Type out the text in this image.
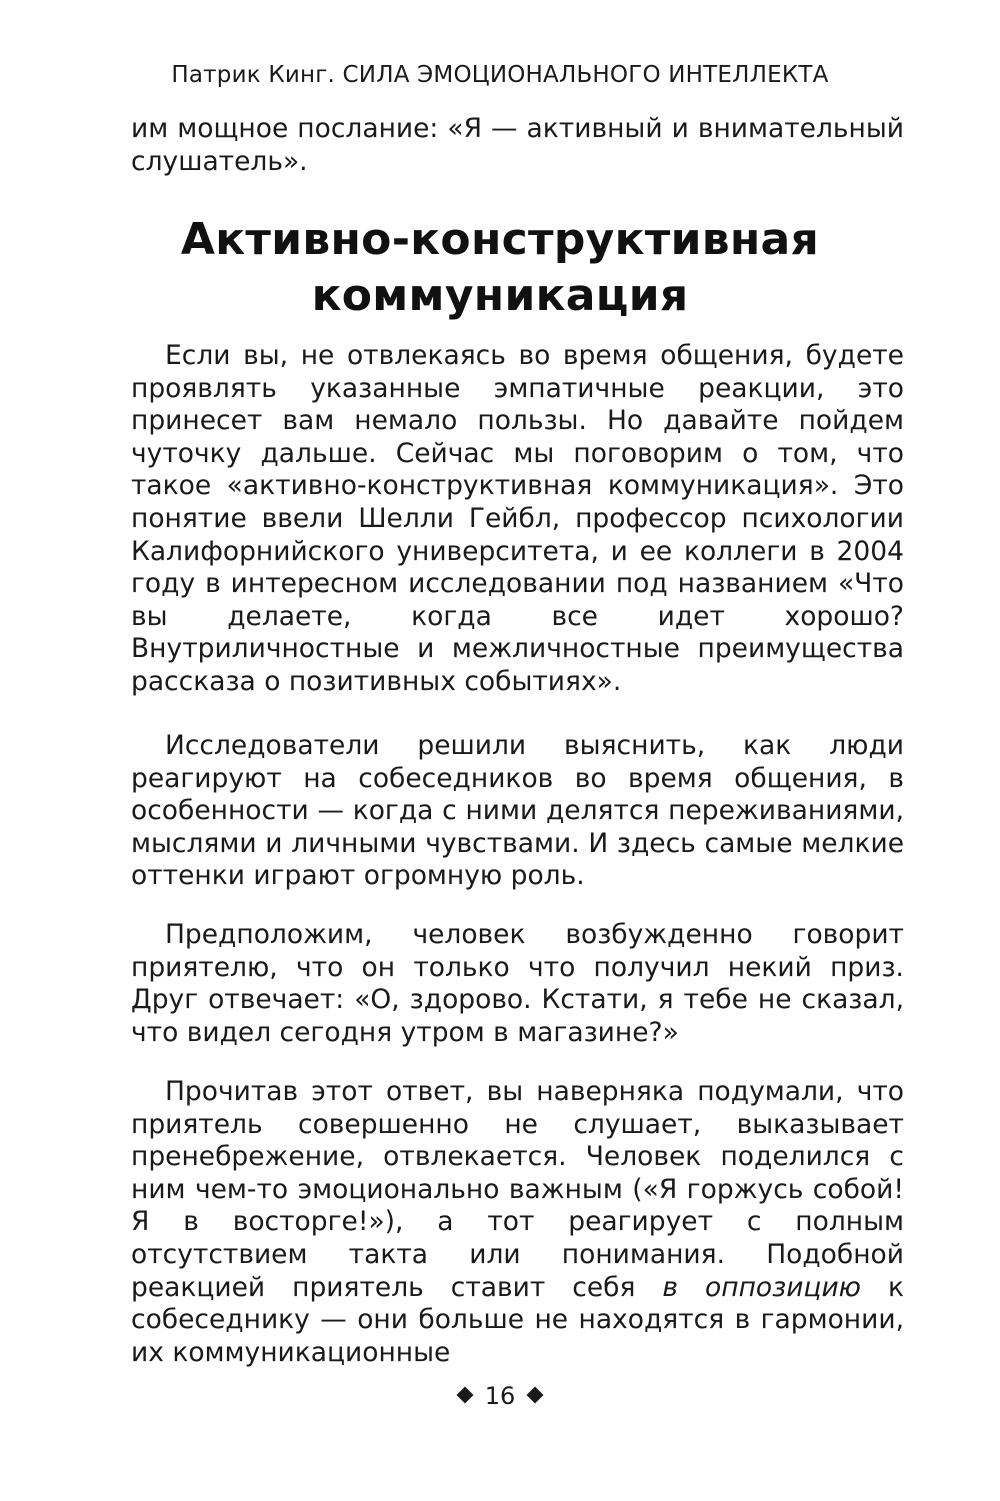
Патрик Кинг. СИЛА ЭМОЦИОНАЛЬНОГО ИНТЕЛЛЕКТА
им мощное послание: «Я — активный и внимательный слушатель».
Активно-конструктивная
коммуникация
Если вы, не отвлекаясь во время общения, будете проявлять указанные эмпатичные реакции, это принесет вам немало пользы. Но давайте пойдем чуточку дальше. Сейчас мы поговорим о том, что такое «активно-конструктивная коммуникация». Это понятие ввели Шелли Гейбл, профессор психологии Калифорнийского университета, и ее коллеги в 2004 году в интересном исследовании под названием «Что вы делаете, когда все идет хорошо? Внутриличностные и межличностные преимущества рассказа о позитивных событиях».
Исследователи решили выяснить, как люди реагируют на собеседников во время общения, в особенности — когда с ними делятся переживаниями, мыслями и личными чувствами. И здесь самые мелкие оттенки играют огромную роль.
Предположим, человек возбужденно говорит приятелю, что он только что получил некий приз. Друг отвечает: «О, здорово. Кстати, я тебе не сказал, что видел сегодня утром в магазине?»
Прочитав этот ответ, вы наверняка подумали, что приятель совершенно не слушает, выказывает пренебрежение, отвлекается. Человек поделился с ним чем-то эмоционально важным («Я горжусь собой! Я в восторге!»), а тот реагирует с полным отсутствием такта или понимания. Подобной реакцией приятель ставит себя в оппозицию к собеседнику — они больше не находятся в гармонии, их коммуникационные
16
